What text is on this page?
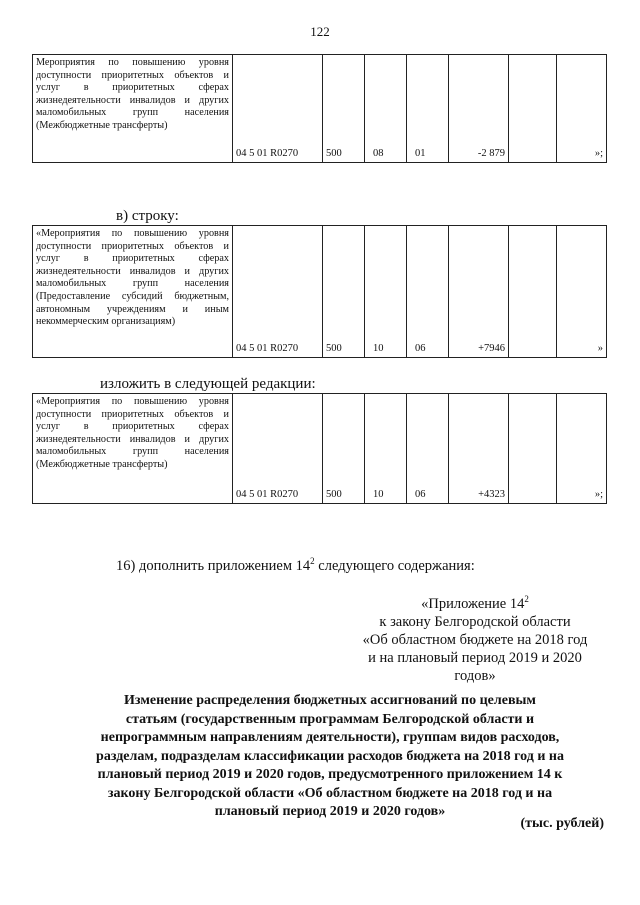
122
Мероприятия по повышению уровня доступности приоритетных объектов и услуг в приоритетных сферах жизнедеятельности инвалидов и других маломобильных групп населения (Межбюджетные трансферты)	04 5 01 R0270	500	08	01	-2 879		»;
в) строку:
«Мероприятия по повышению уровня доступности приоритетных объектов и услуг в приоритетных сферах жизнедеятельности инвалидов и других маломобильных групп населения (Предоставление субсидий бюджетным, автономным учреждениям и иным некоммерческим организациям)	04 5 01 R0270	500	10	06	+7946		»
изложить в следующей редакции:
«Мероприятия по повышению уровня доступности приоритетных объектов и услуг в приоритетных сферах жизнедеятельности инвалидов и других маломобильных групп населения (Межбюджетные трансферты)	04 5 01 R0270	500	10	06	+4323		»;
16) дополнить приложением $14^2$ следующего содержания:
«Приложение $14^2$
к закону Белгородской области
«Об областном бюджете на 2018 год
и на плановый период 2019 и 2020
годов»
Изменение распределения бюджетных ассигнований по целевым
статьям (государственным программам Белгородской области и
непрограммным направлениям деятельности), группам видов расходов,
разделам, подразделам классификации расходов бюджета на 2018 год и на
плановый период 2019 и 2020 годов, предусмотренного приложением 14 к
закону Белгородской области «Об областном бюджете на 2018 год и на
плановый период 2019 и 2020 годов»
(тыс. рублей)
